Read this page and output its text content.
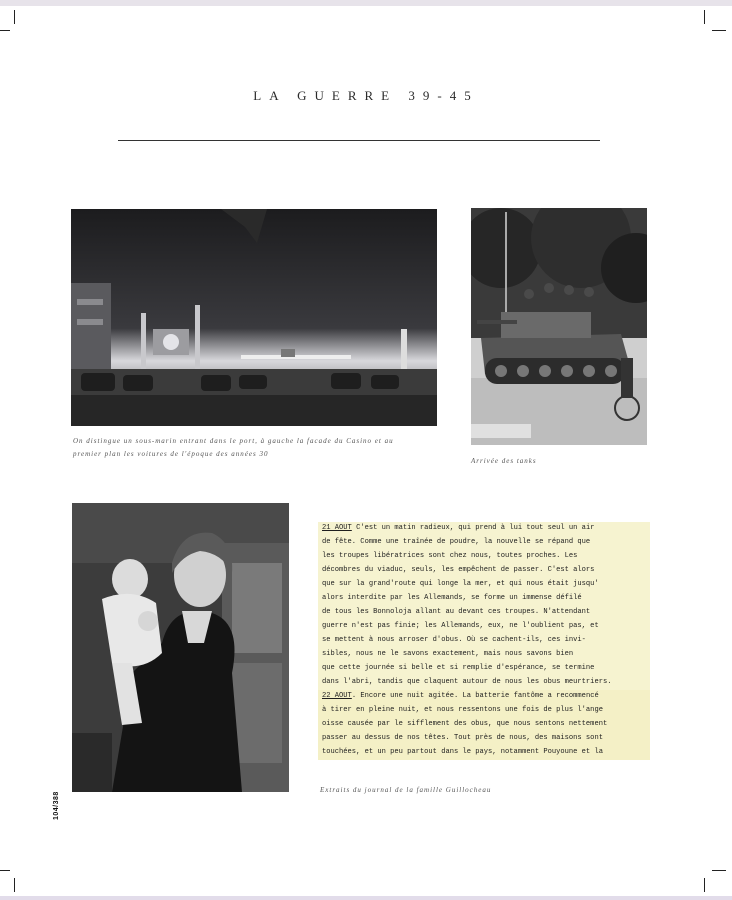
LA GUERRE 39-45
On distingue un sous-marin entrant dans le port, à gauche la facade du Casino et au
premier plan les voitures de l'époque des années 30
Arrivée des tanks
21 AOUT C'est un matin radieux, qui prend à lui tout seul un air
de fête. Comme une traînée de poudre, la nouvelle se répand que
les troupes libératrices sont chez nous, toutes proches. Les
décombres du viaduc, seuls, les empêchent de passer. C'est alors
que sur la grand'route qui longe la mer, et qui nous était jusqu'
alors interdite par les Allemands, se forme un immense défilé
de tous les Bonnoloja allant au devant ces troupes. N'attendant
guerre n'est pas finie; les Allemands, eux, ne l'oublient pas, et
se mettent à nous arroser d'obus. Où se cachent-ils, ces invi-
sibles, nous ne le savons exactement, mais nous savons bien
que cette journée si belle et si remplie d'espérance, se termine
dans l'abri, tandis que claquent autour de nous les obus meurtriers.
22 AOUT. Encore une nuit agitée. La batterie fantôme a recommencé
à tirer en pleine nuit, et nous ressentons une fois de plus l'ange
oisse causée par le sifflement des obus, que nous sentons nettement
passer au dessus de nos têtes. Tout près de nous, des maisons sont
touchées, et un peu partout dans le pays, notamment Pouyoune et la
Extraits du journal de la famille Guillocheau
104/388
